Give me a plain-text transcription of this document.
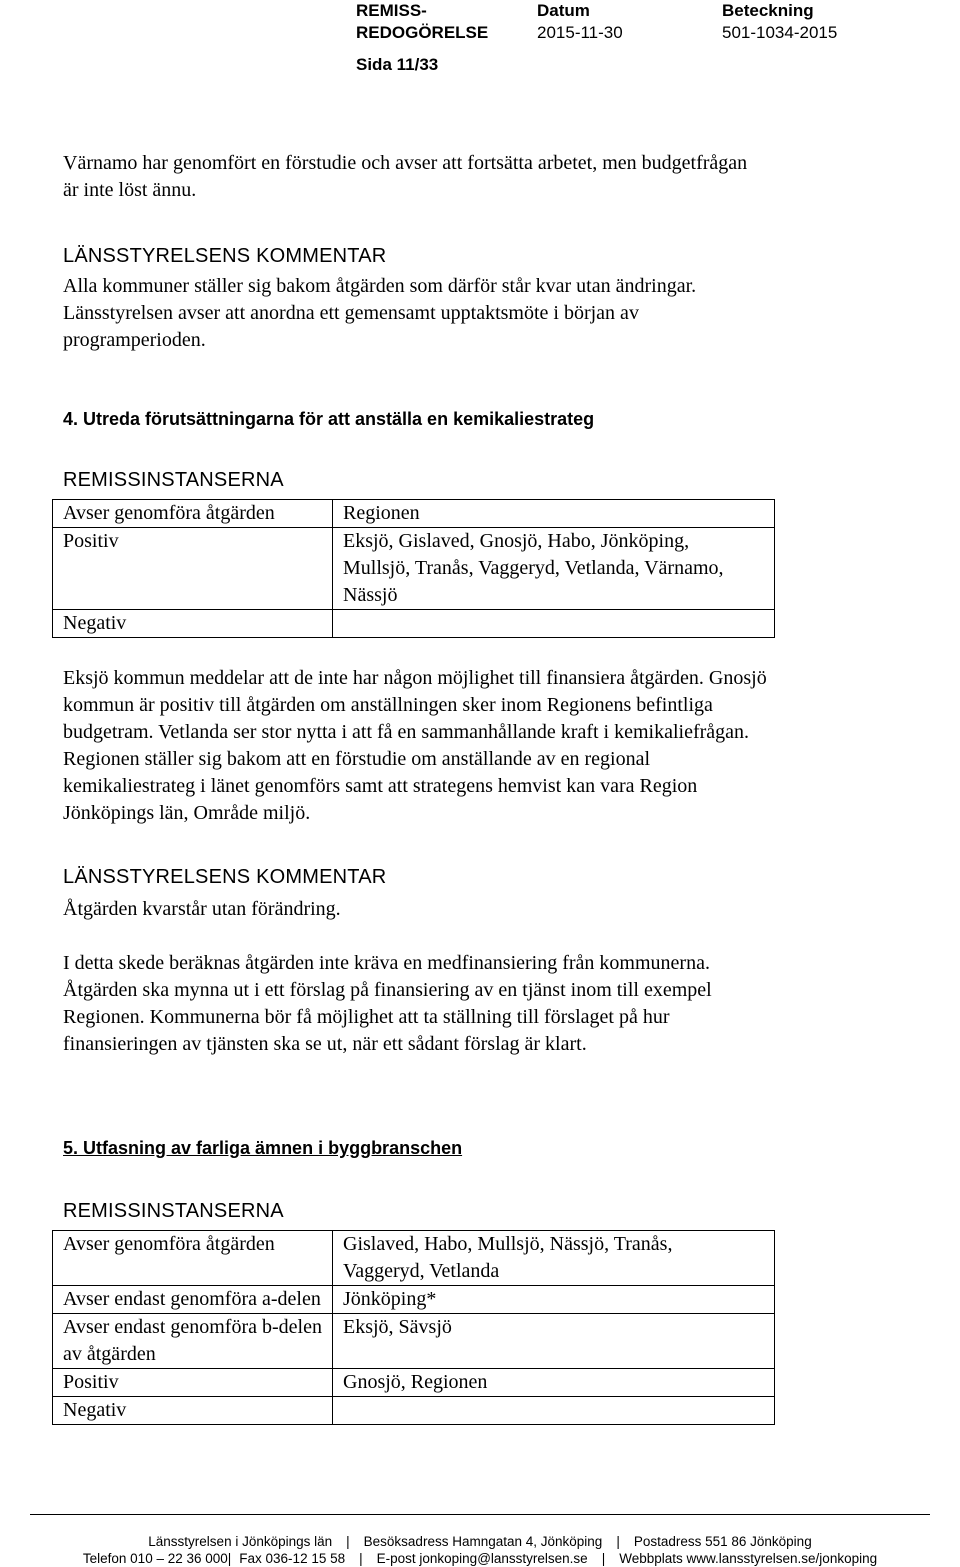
REMISS-
REDOGÖRELSE
Datum
2015-11-30
Beteckning
501-1034-2015
Sida 11/33

Värnamo har genomfört en förstudie och avser att fortsätta arbetet, men budgetfrågan är inte löst ännu.

LÄNSSTYRELSENS KOMMENTAR

Alla kommuner ställer sig bakom åtgärden som därför står kvar utan ändringar. Länsstyrelsen avser att anordna ett gemensamt upptaktsmöte i början av programperioden.

4. Utreda förutsättningarna för att anställa en kemikaliestrateg
REMISSINSTANSERNA
Avser genomföra åtgärden	Regionen
Positiv	Eksjö, Gislaved, Gnosjö, Habo, Jönköping, Mullsjö, Tranås, Vaggeryd, Vetlanda, Värnamo, Nässjö
Negativ	

Eksjö kommun meddelar att de inte har någon möjlighet till finansiera åtgärden. Gnosjö kommun är positiv till åtgärden om anställningen sker inom Regionens befintliga budgetram. Vetlanda ser stor nytta i att få en sammanhållande kraft i kemikaliefrågan. Regionen ställer sig bakom att en förstudie om anställande av en regional kemikaliestrateg i länet genomförs samt att strategens hemvist kan vara Region Jönköpings län, Område miljö.

LÄNSSTYRELSENS KOMMENTAR

Åtgärden kvarstår utan förändring.

I detta skede beräknas åtgärden inte kräva en medfinansiering från kommunerna. Åtgärden ska mynna ut i ett förslag på finansiering av en tjänst inom till exempel Regionen. Kommunerna bör få möjlighet att ta ställning till förslaget på hur finansieringen av tjänsten ska se ut, när ett sådant förslag är klart.

5. Utfasning av farliga ämnen i byggbranschen
REMISSINSTANSERNA
Avser genomföra åtgärden	Gislaved, Habo, Mullsjö, Nässjö, Tranås, Vaggeryd, Vetlanda
Avser endast genomföra a-delen	Jönköping*
Avser endast genomföra b-delen av åtgärden	Eksjö, Sävsjö
Positiv	Gnosjö, Regionen
Negativ	
Länsstyrelsen i Jönköpings län | Besöksadress Hamngatan 4, Jönköping | Postadress 551 86 Jönköping
Telefon 010 – 22 36 000| Fax 036-12 15 58 | E-post jonkoping@lansstyrelsen.se | Webbplats www.lansstyrelsen.se/jonkoping
